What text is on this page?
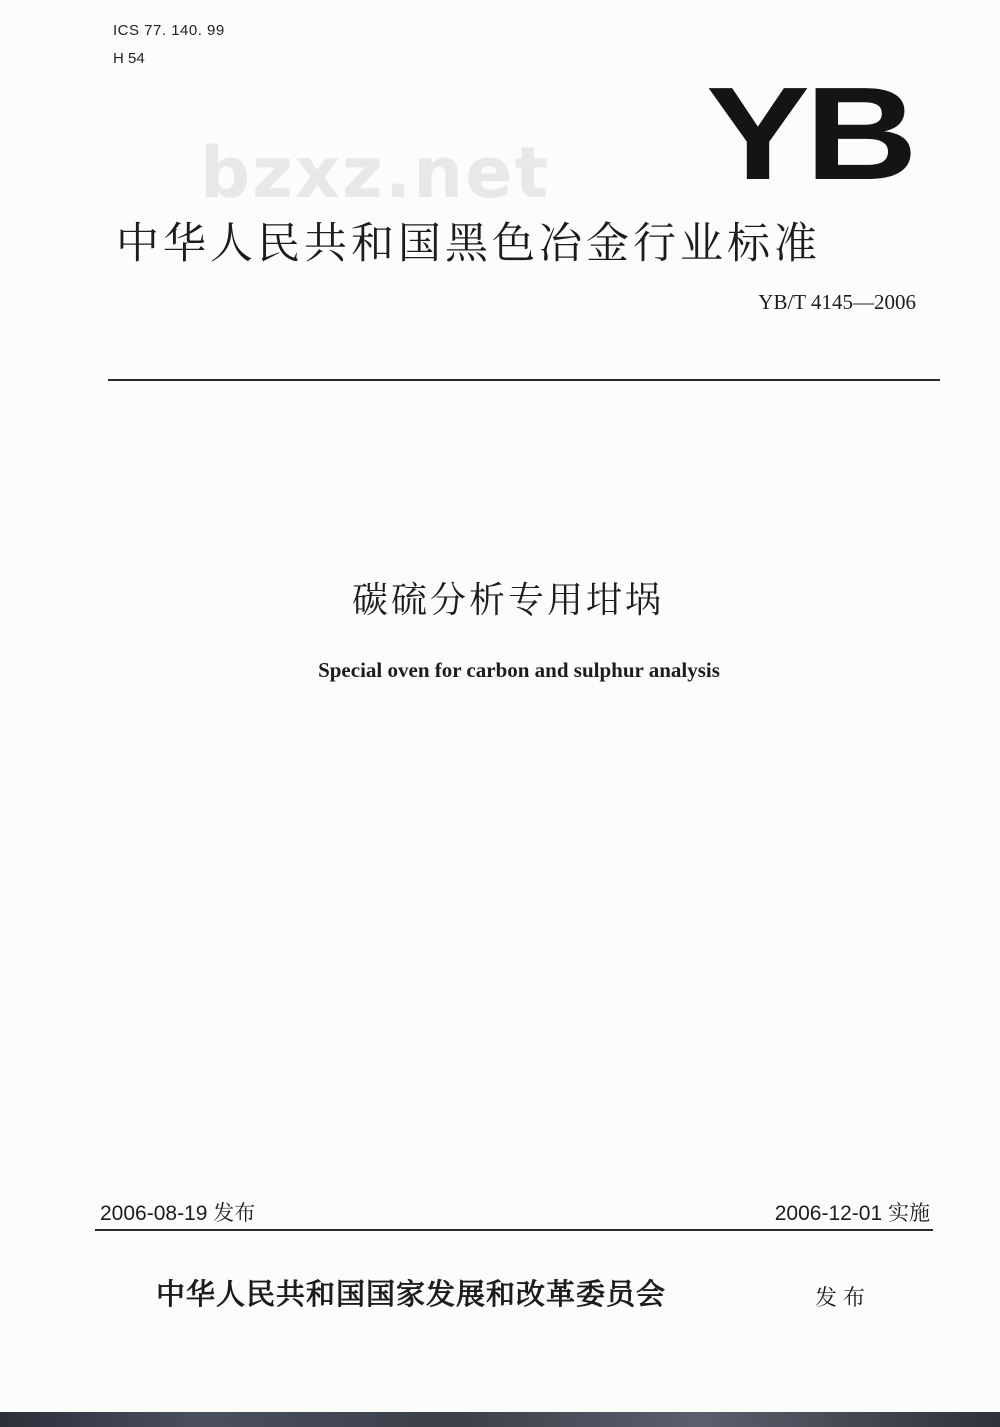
ICS 77. 140. 99
H 54
bzxz.net YB
中华人民共和国黑色冶金行业标准
YB/T 4145—2006
碳硫分析专用坩埚
Special oven for carbon and sulphur analysis
2006-08-19 发布	2006-12-01 实施
中华人民共和国国家发展和改革委员会	发布
